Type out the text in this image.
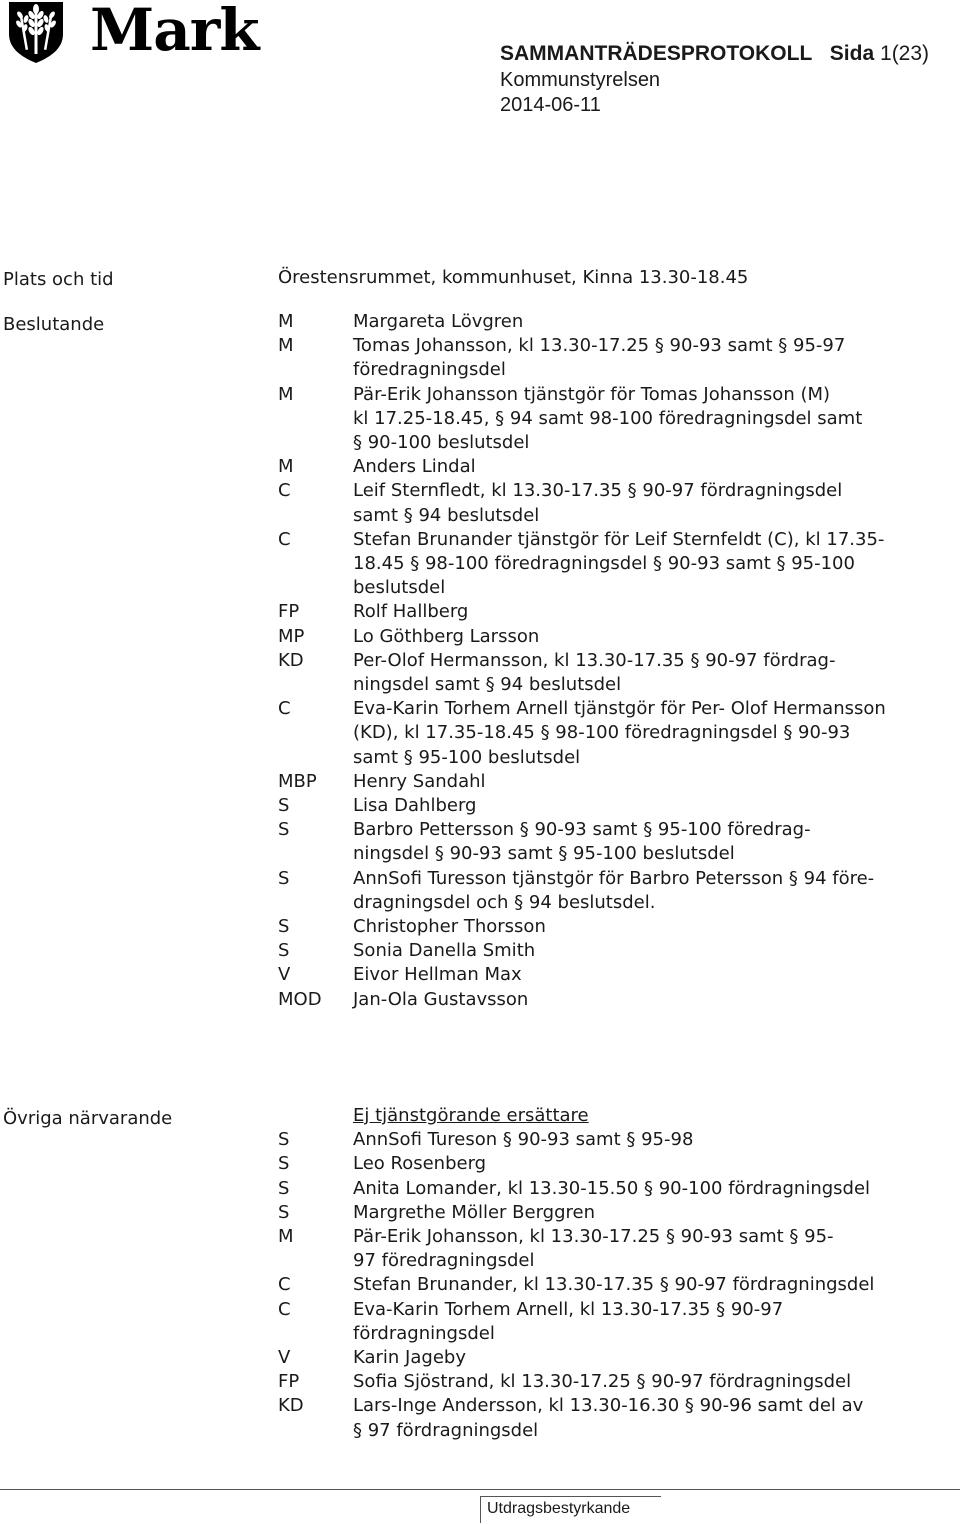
Mark	SAMMANTRÄDESPROTOKOLL Sida 1(23)
Kommunstyrelsen
2014-06-11
Plats och tid	Örestensrummet, kommunhuset, Kinna 13.30-18.45
Beslutande	M	Margareta Lövgren
M	Tomas Johansson, kl 13.30-17.25 § 90-93 samt § 95-97
föredragningsdel
M	Pär-Erik Johansson tjänstgör för Tomas Johansson (M)
kl 17.25-18.45, § 94 samt 98-100 föredragningsdel samt
§ 90-100 beslutsdel
M	Anders Lindal
C	Leif Sternfledt, kl 13.30-17.35 § 90-97 fördragningsdel
samt § 94 beslutsdel
C	Stefan Brunander tjänstgör för Leif Sternfeldt (C), kl 17.35-
18.45 § 98-100 föredragningsdel § 90-93 samt § 95-100
beslutsdel
FP	Rolf Hallberg
MP	Lo Göthberg Larsson
KD	Per-Olof Hermansson, kl 13.30-17.35 § 90-97 fördrag-
ningsdel samt § 94 beslutsdel
C	Eva-Karin Torhem Arnell tjänstgör för Per- Olof Hermansson
(KD), kl 17.35-18.45 § 98-100 föredragningsdel § 90-93
samt § 95-100 beslutsdel
MBP	Henry Sandahl
S	Lisa Dahlberg
S	Barbro Pettersson § 90-93 samt § 95-100 föredrag-
ningsdel § 90-93 samt § 95-100 beslutsdel
S	AnnSofi Turesson tjänstgör för Barbro Petersson § 94 före-
dragningsdel och § 94 beslutsdel.
S	Christopher Thorsson
S	Sonia Danella Smith
V	Eivor Hellman Max
MOD	Jan-Ola Gustavsson
Övriga närvarande	Ej tjänstgörande ersättare
S	AnnSofi Tureson § 90-93 samt § 95-98
S	Leo Rosenberg
S	Anita Lomander, kl 13.30-15.50 § 90-100 fördragningsdel
S	Margrethe Möller Berggren
M	Pär-Erik Johansson, kl 13.30-17.25 § 90-93 samt § 95-
97 föredragningsdel
C	Stefan Brunander, kl 13.30-17.35 § 90-97 fördragningsdel
C	Eva-Karin Torhem Arnell, kl 13.30-17.35 § 90-97
fördragningsdel
V	Karin Jageby
FP	Sofia Sjöstrand, kl 13.30-17.25 § 90-97 fördragningsdel
KD	Lars-Inge Andersson, kl 13.30-16.30 § 90-96 samt del av
§ 97 fördragningsdel
Utdragsbestyrkande
